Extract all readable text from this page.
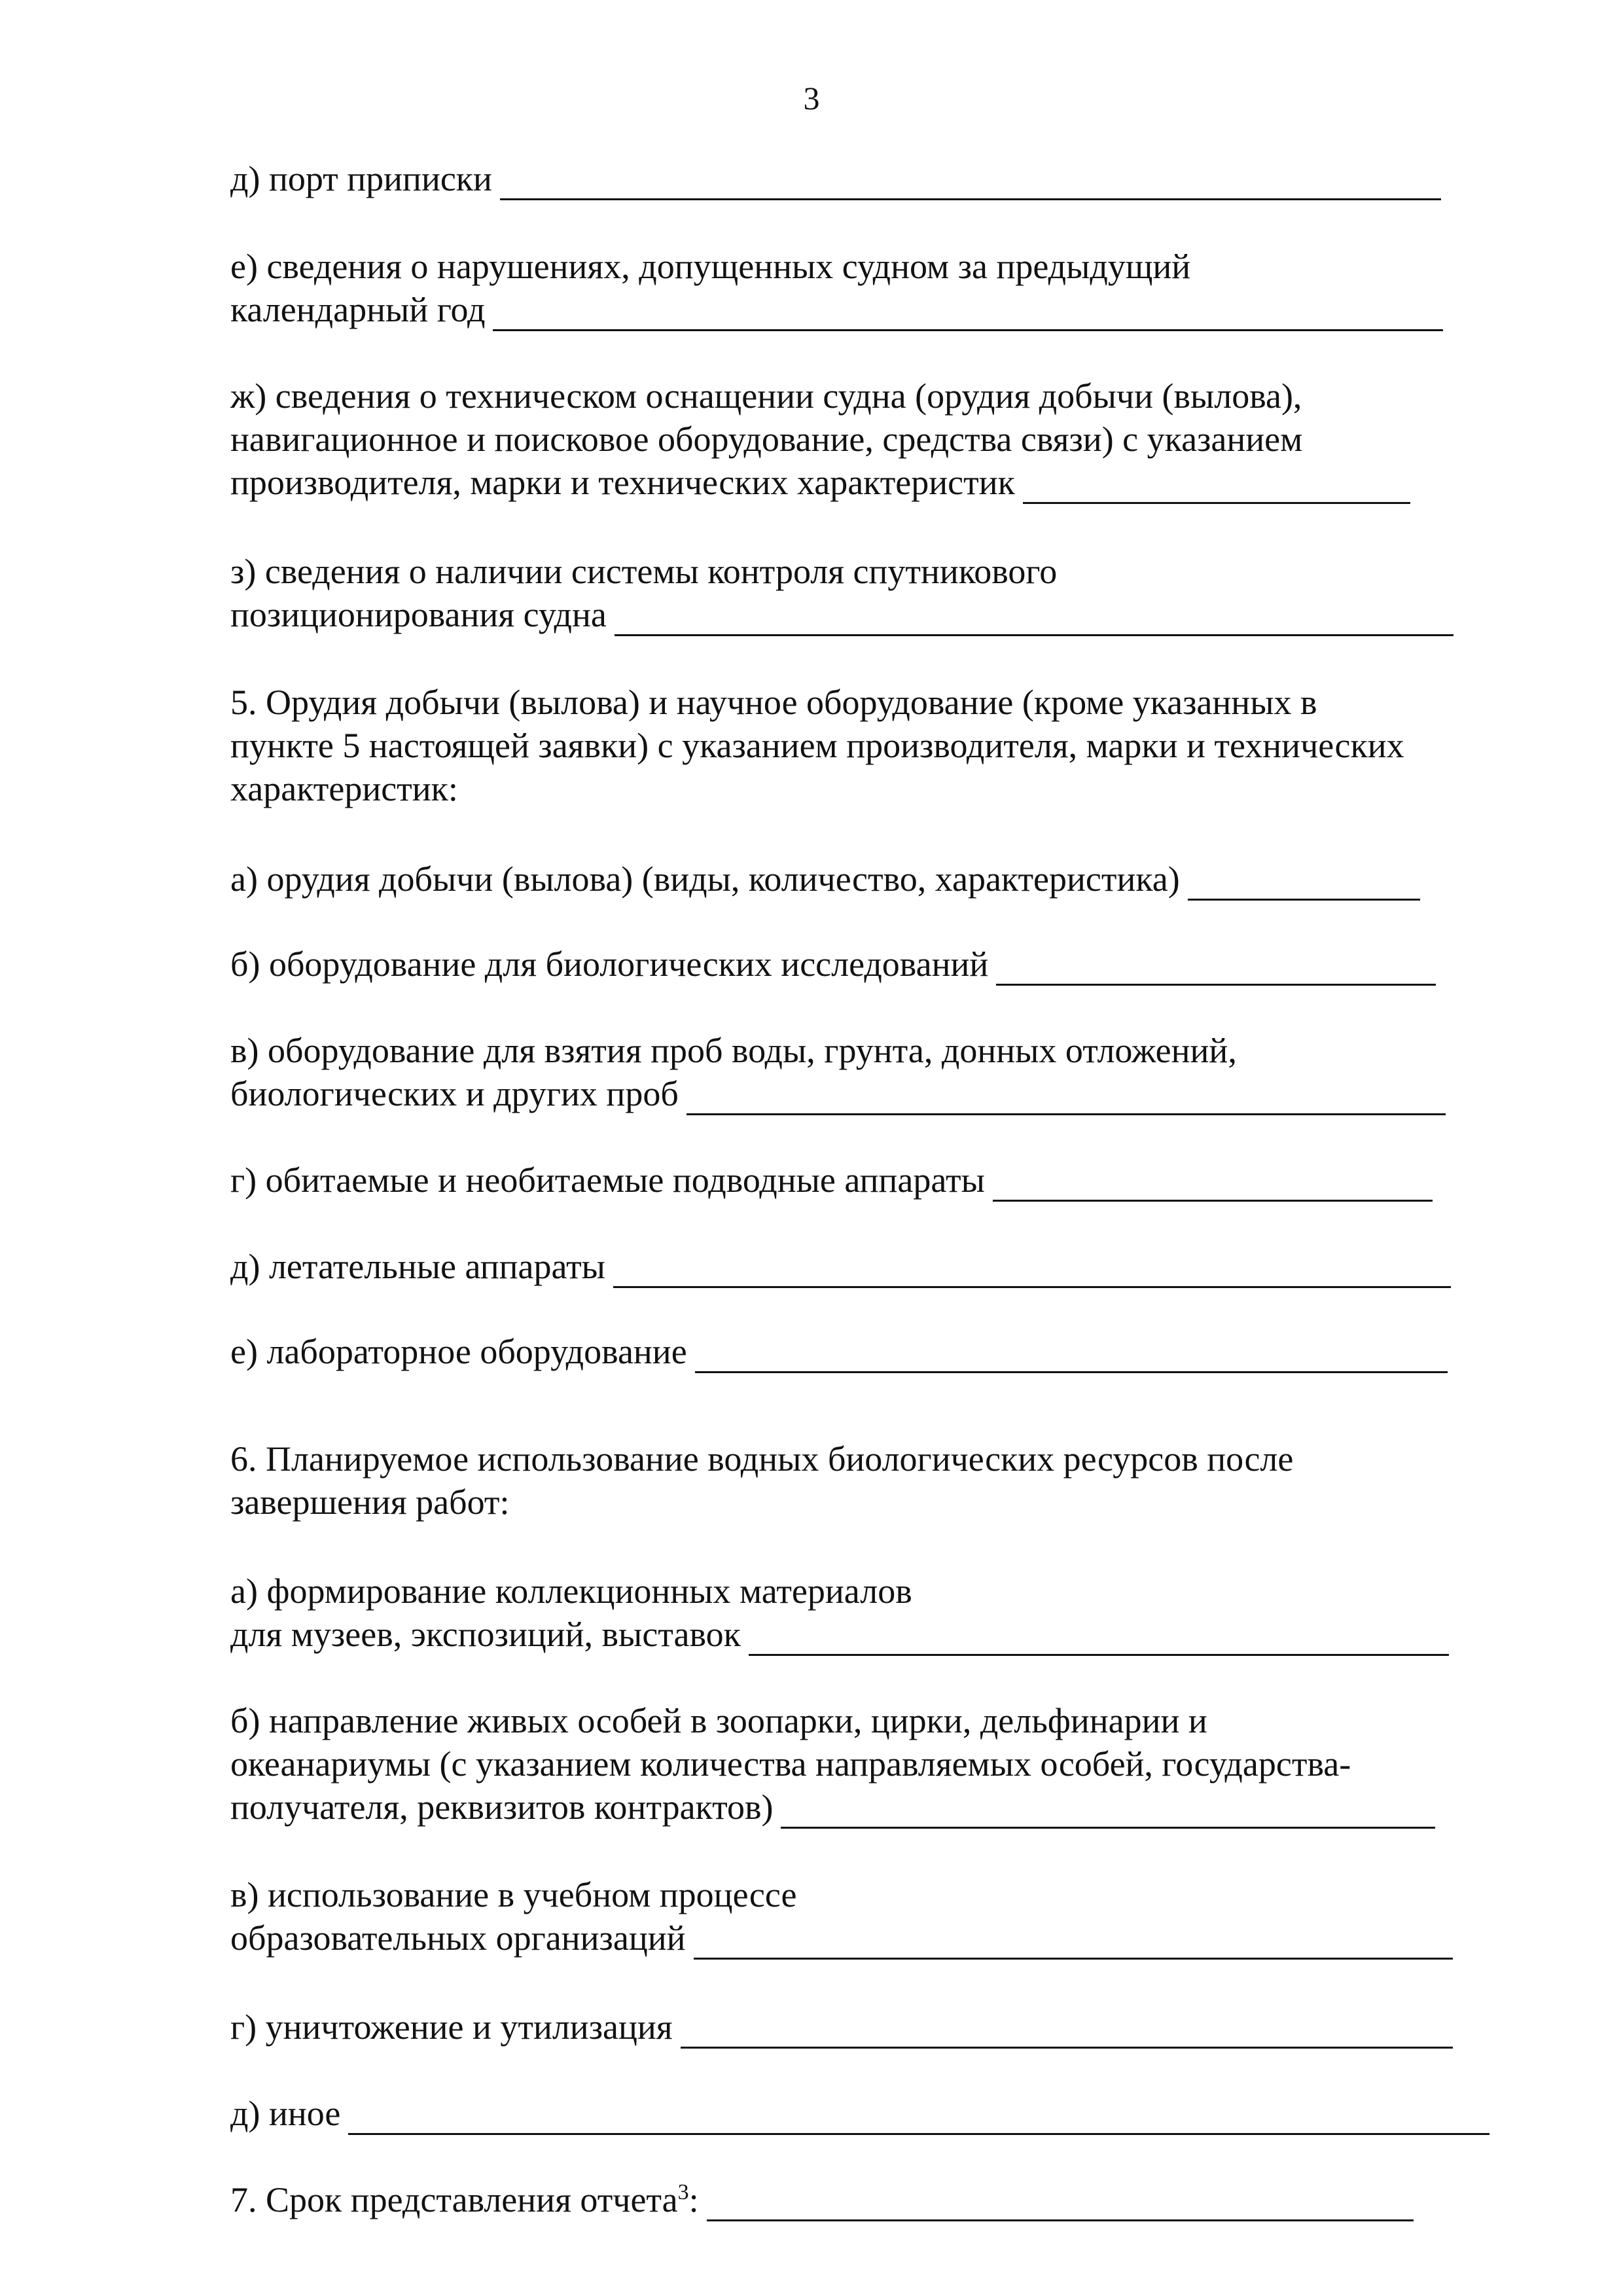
3
д) порт приписки
е) сведения о нарушениях, допущенных судном за предыдущий
календарный год
ж) сведения о техническом оснащении судна (орудия добычи (вылова),
навигационное и поисковое оборудование, средства связи) с указанием
производителя, марки и технических характеристик
з) сведения о наличии системы контроля спутникового
позиционирования судна
5. Орудия добычи (вылова) и научное оборудование (кроме указанных в
пункте 5 настоящей заявки) с указанием производителя, марки и технических
характеристик:
а) орудия добычи (вылова) (виды, количество, характеристика)
б) оборудование для биологических исследований
в) оборудование для взятия проб воды, грунта, донных отложений,
биологических и других проб
г) обитаемые и необитаемые подводные аппараты
д) летательные аппараты
е) лабораторное оборудование
6. Планируемое использование водных биологических ресурсов после
завершения работ:
а) формирование коллекционных материалов
для музеев, экспозиций, выставок
б) направление живых особей в зоопарки, цирки, дельфинарии и
океанариумы (с указанием количества направляемых особей, государства-
получателя, реквизитов контрактов)
в) использование в учебном процессе
образовательных организаций
г) уничтожение и утилизация
д) иное
7. Срок представления отчета$^3$:
